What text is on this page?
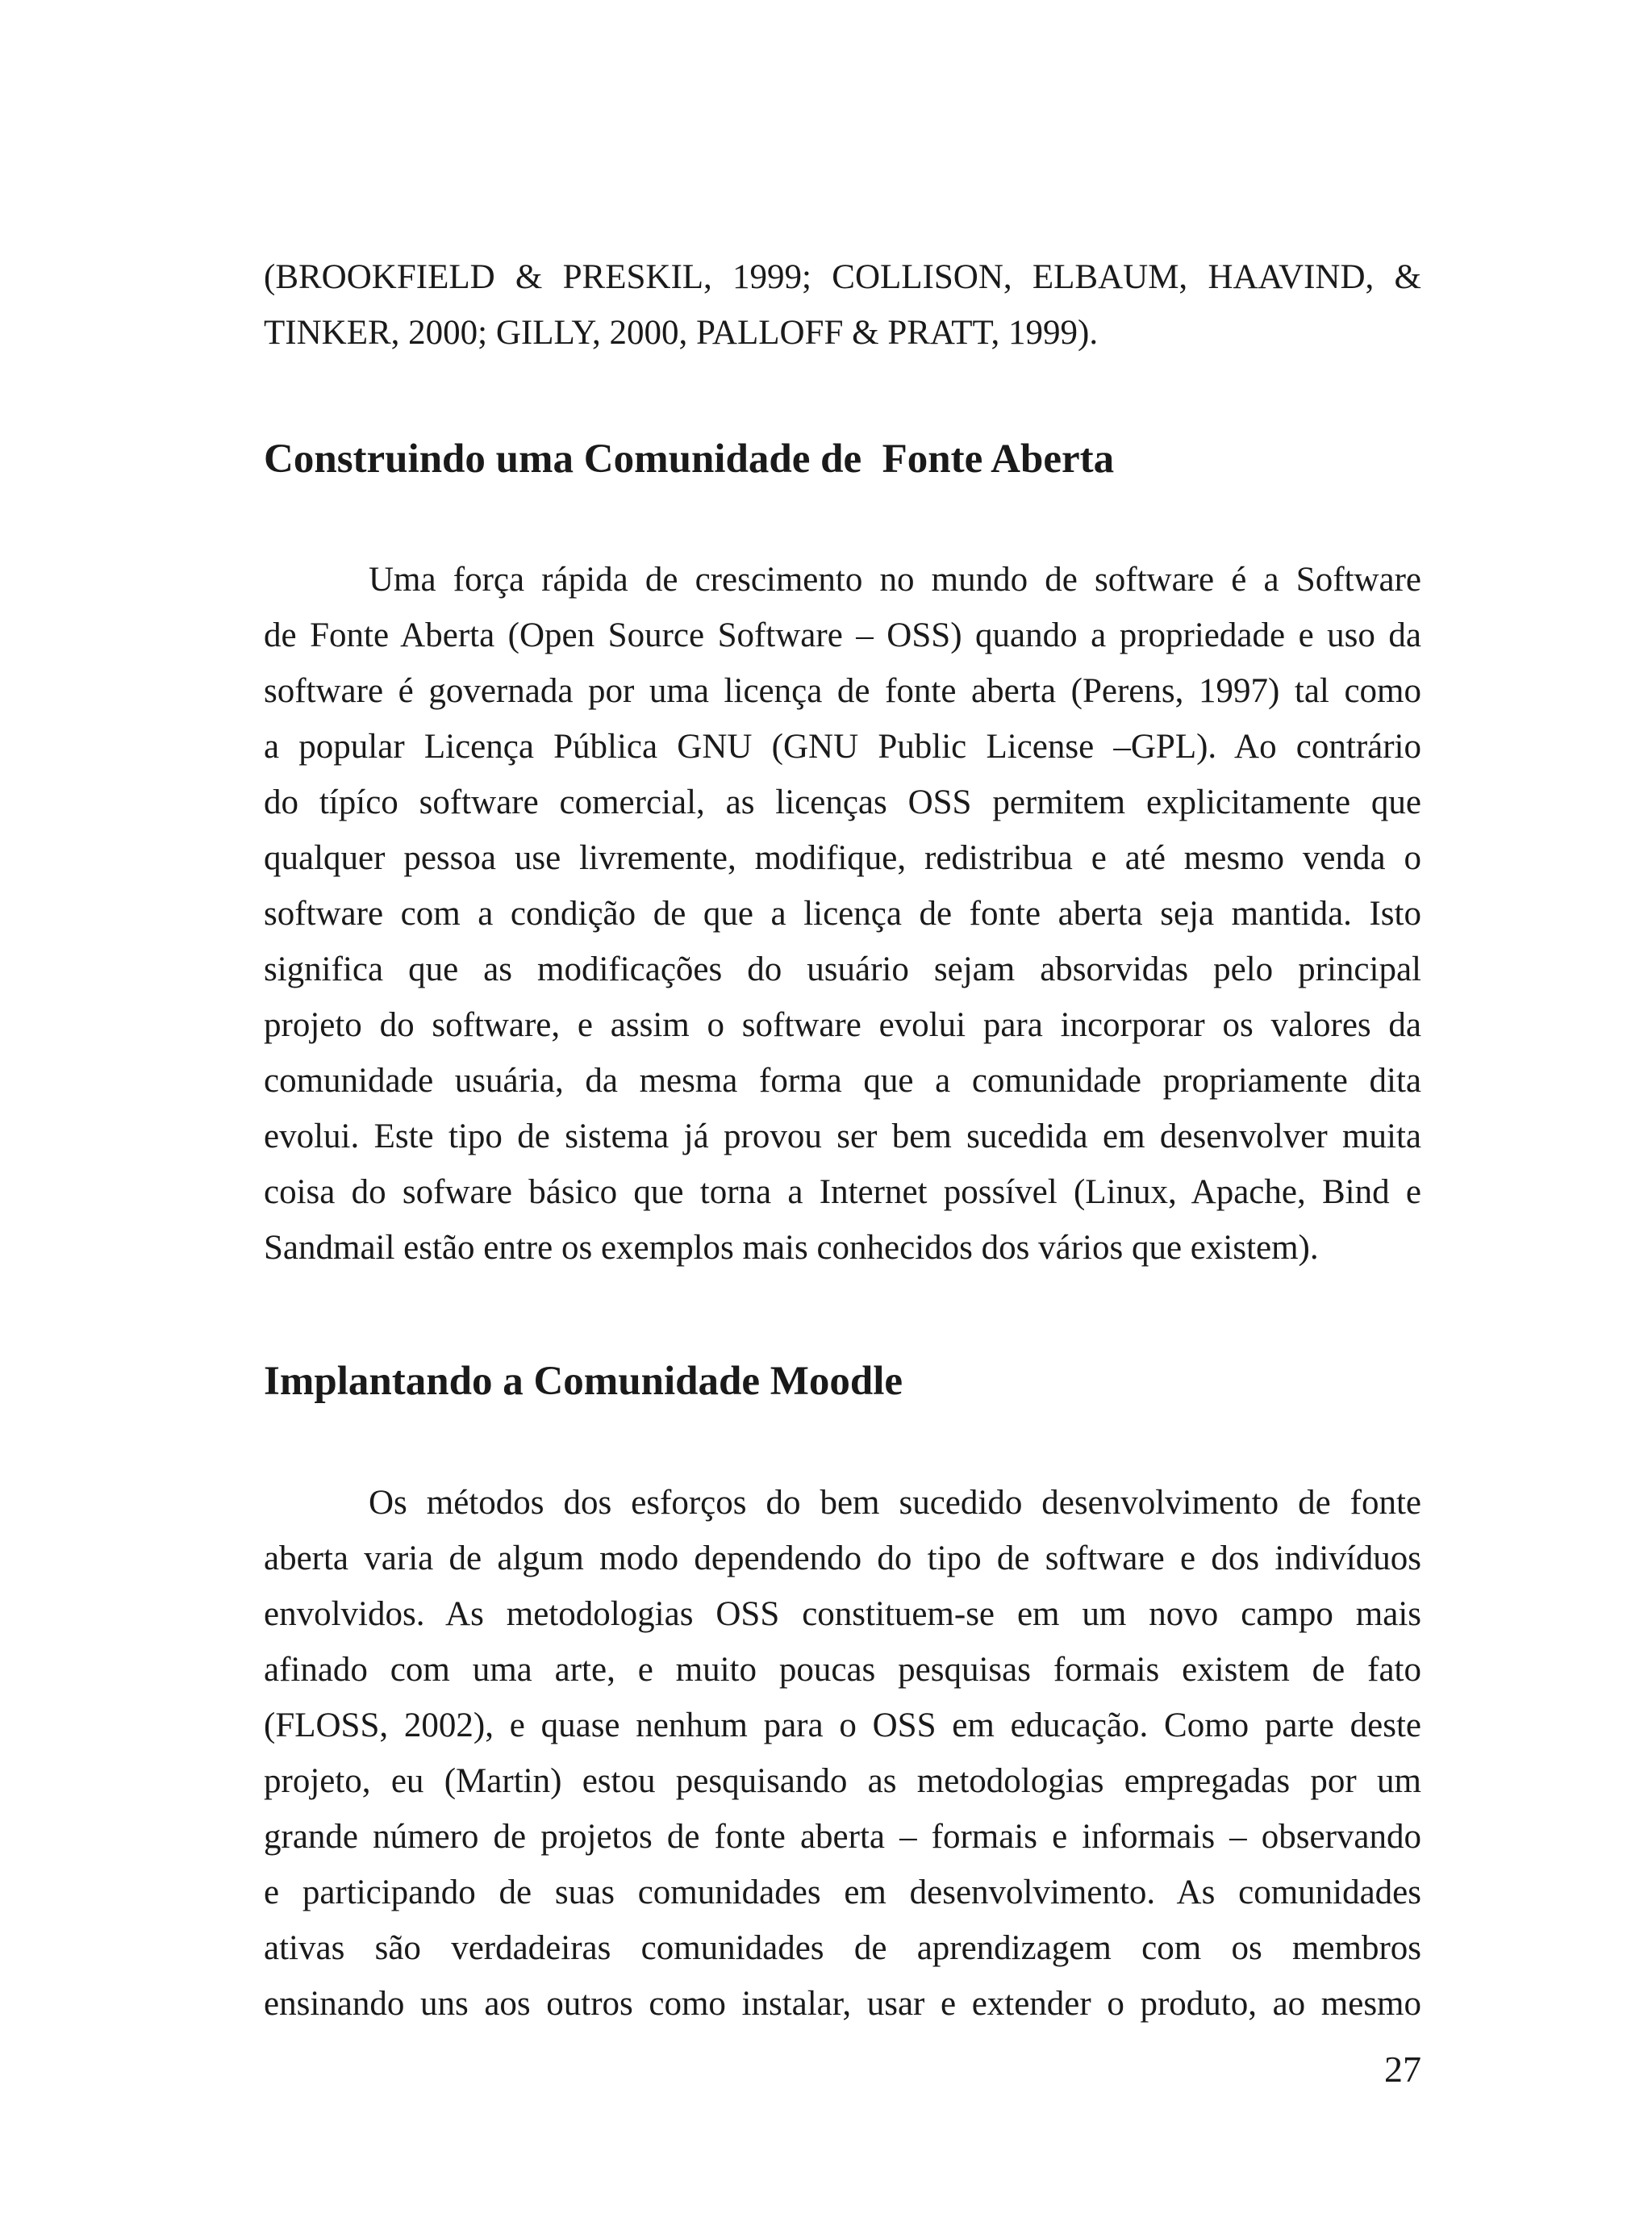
(BROOKFIELD & PRESKIL, 1999; COLLISON, ELBAUM, HAAVIND, &
TINKER, 2000; GILLY, 2000, PALLOFF & PRATT, 1999).
Construindo uma Comunidade de  Fonte Aberta
Uma força rápida de crescimento no mundo de software é a Software
de Fonte Aberta (Open Source Software – OSS) quando a propriedade e uso da
software é governada por uma licença de fonte aberta (Perens, 1997) tal como
a popular Licença Pública GNU (GNU Public License –GPL). Ao contrário
do típíco software comercial, as licenças OSS permitem explicitamente que
qualquer pessoa use livremente, modifique, redistribua e até mesmo venda o
software com a condição de que a licença de fonte aberta seja mantida. Isto
significa que as modificações do usuário sejam absorvidas pelo principal
projeto do software, e assim o software evolui para incorporar os valores da
comunidade usuária, da mesma forma que a comunidade propriamente dita
evolui. Este tipo de sistema já provou ser bem sucedida em desenvolver muita
coisa do sofware básico que torna a Internet possível (Linux, Apache, Bind e
Sandmail estão entre os exemplos mais conhecidos dos vários que existem).
Implantando a Comunidade Moodle
Os métodos dos esforços do bem sucedido desenvolvimento de fonte
aberta varia de algum modo dependendo do tipo de software e dos indivíduos
envolvidos. As metodologias OSS constituem-se em um novo campo mais
afinado com uma arte, e muito poucas pesquisas formais existem de fato
(FLOSS, 2002), e quase nenhum para o OSS em educação. Como parte deste
projeto, eu (Martin) estou pesquisando as metodologias empregadas por um
grande número de projetos de fonte aberta – formais e informais – observando
e participando de suas comunidades em desenvolvimento. As comunidades
ativas são verdadeiras comunidades de aprendizagem com os membros
ensinando uns aos outros como instalar, usar e extender o produto, ao mesmo
27
